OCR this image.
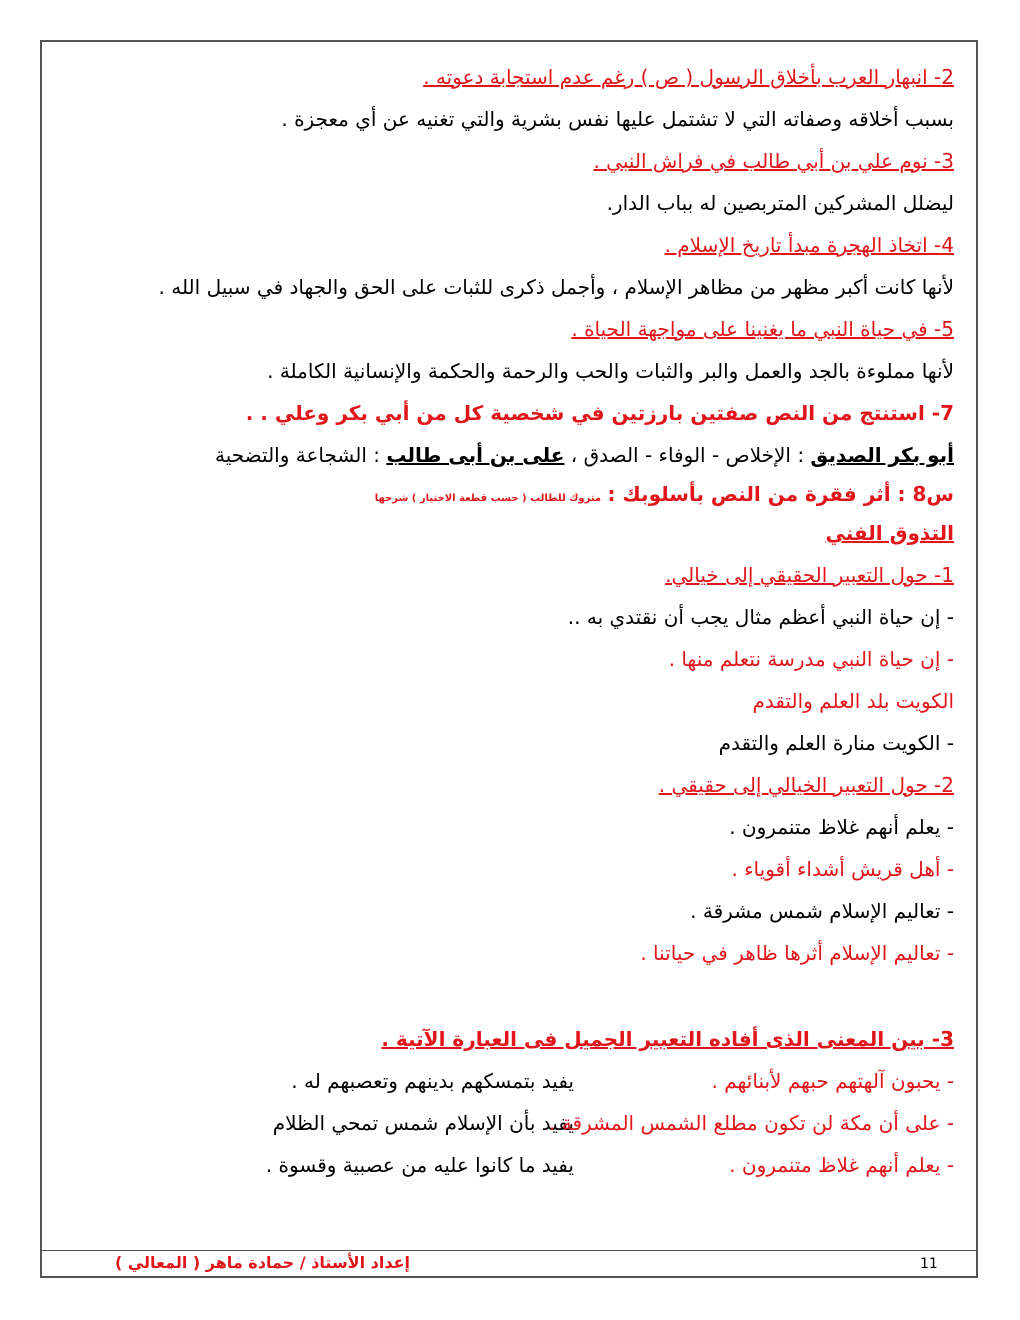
2- انبهار العرب بأخلاق الرسول ( ص ) رغم عدم استجابة دعوته .
بسبب أخلاقه وصفاته التي لا تشتمل عليها نفس بشرية والتي تغنيه عن أي معجزة .
3- نوم علي بن أبي طالب في فراش النبي .
ليضلل المشركين المتربصين له بباب الدار.
4- اتخاذ الهجرة مبدأ تاريخ الإسلام .
لأنها كانت أكبر مظهر من مظاهر الإسلام ، وأجمل ذكرى للثبات على الحق والجهاد في سبيل الله .
5- في حياة النبي ما يغنينا على مواجهة الحياة .
لأنها مملوءة بالجد والعمل والبر والثبات والحب والرحمة والحكمة والإنسانية الكاملة .
7- استنتج من النص صفتين بارزتين في شخصية كل من أبي بكر وعلي . .
أبو بكر الصديق : الإخلاص - الوفاء - الصدق ، على بن أبى طالب : الشجاعة والتضحية
س8 : أثر فقرة من النص بأسلوبك : متروك للطالب ( حسب قطعة الاختيار ) شرحها
التذوق الفني
1- حول التعبير الحقيقي إلى خيالي.
- إن حياة النبي أعظم مثال يجب أن نقتدي به ..
- إن حياة النبي مدرسة نتعلم منها .
الكويت بلد العلم والتقدم
- الكويت منارة العلم والتقدم
2- حول التعبير الخيالي إلى حقيقي .
- يعلم أنهم غلاظ متنمرون .
- أهل قريش أشداء أقوياء .
- تعاليم الإسلام شمس مشرقة .
- تعاليم الإسلام أثرها ظاهر في حياتنا .
3- بين المعنى الذى أفاده التعبير الجميل فى العبارة الآتية .
- يحبون آلهتهم حبهم لأبنائهم .يفيد بتمسكهم بدينهم وتعصبهم له .
- على أن مكة لن تكون مطلع الشمس المشرقة .يفيد بأن الإسلام شمس تمحي الظلام
- يعلم أنهم غلاظ متنمرون .يفيد ما كانوا عليه من عصبية وقسوة .
إعداد الأستاذ / حمادة ماهر ( المعالي )	11
